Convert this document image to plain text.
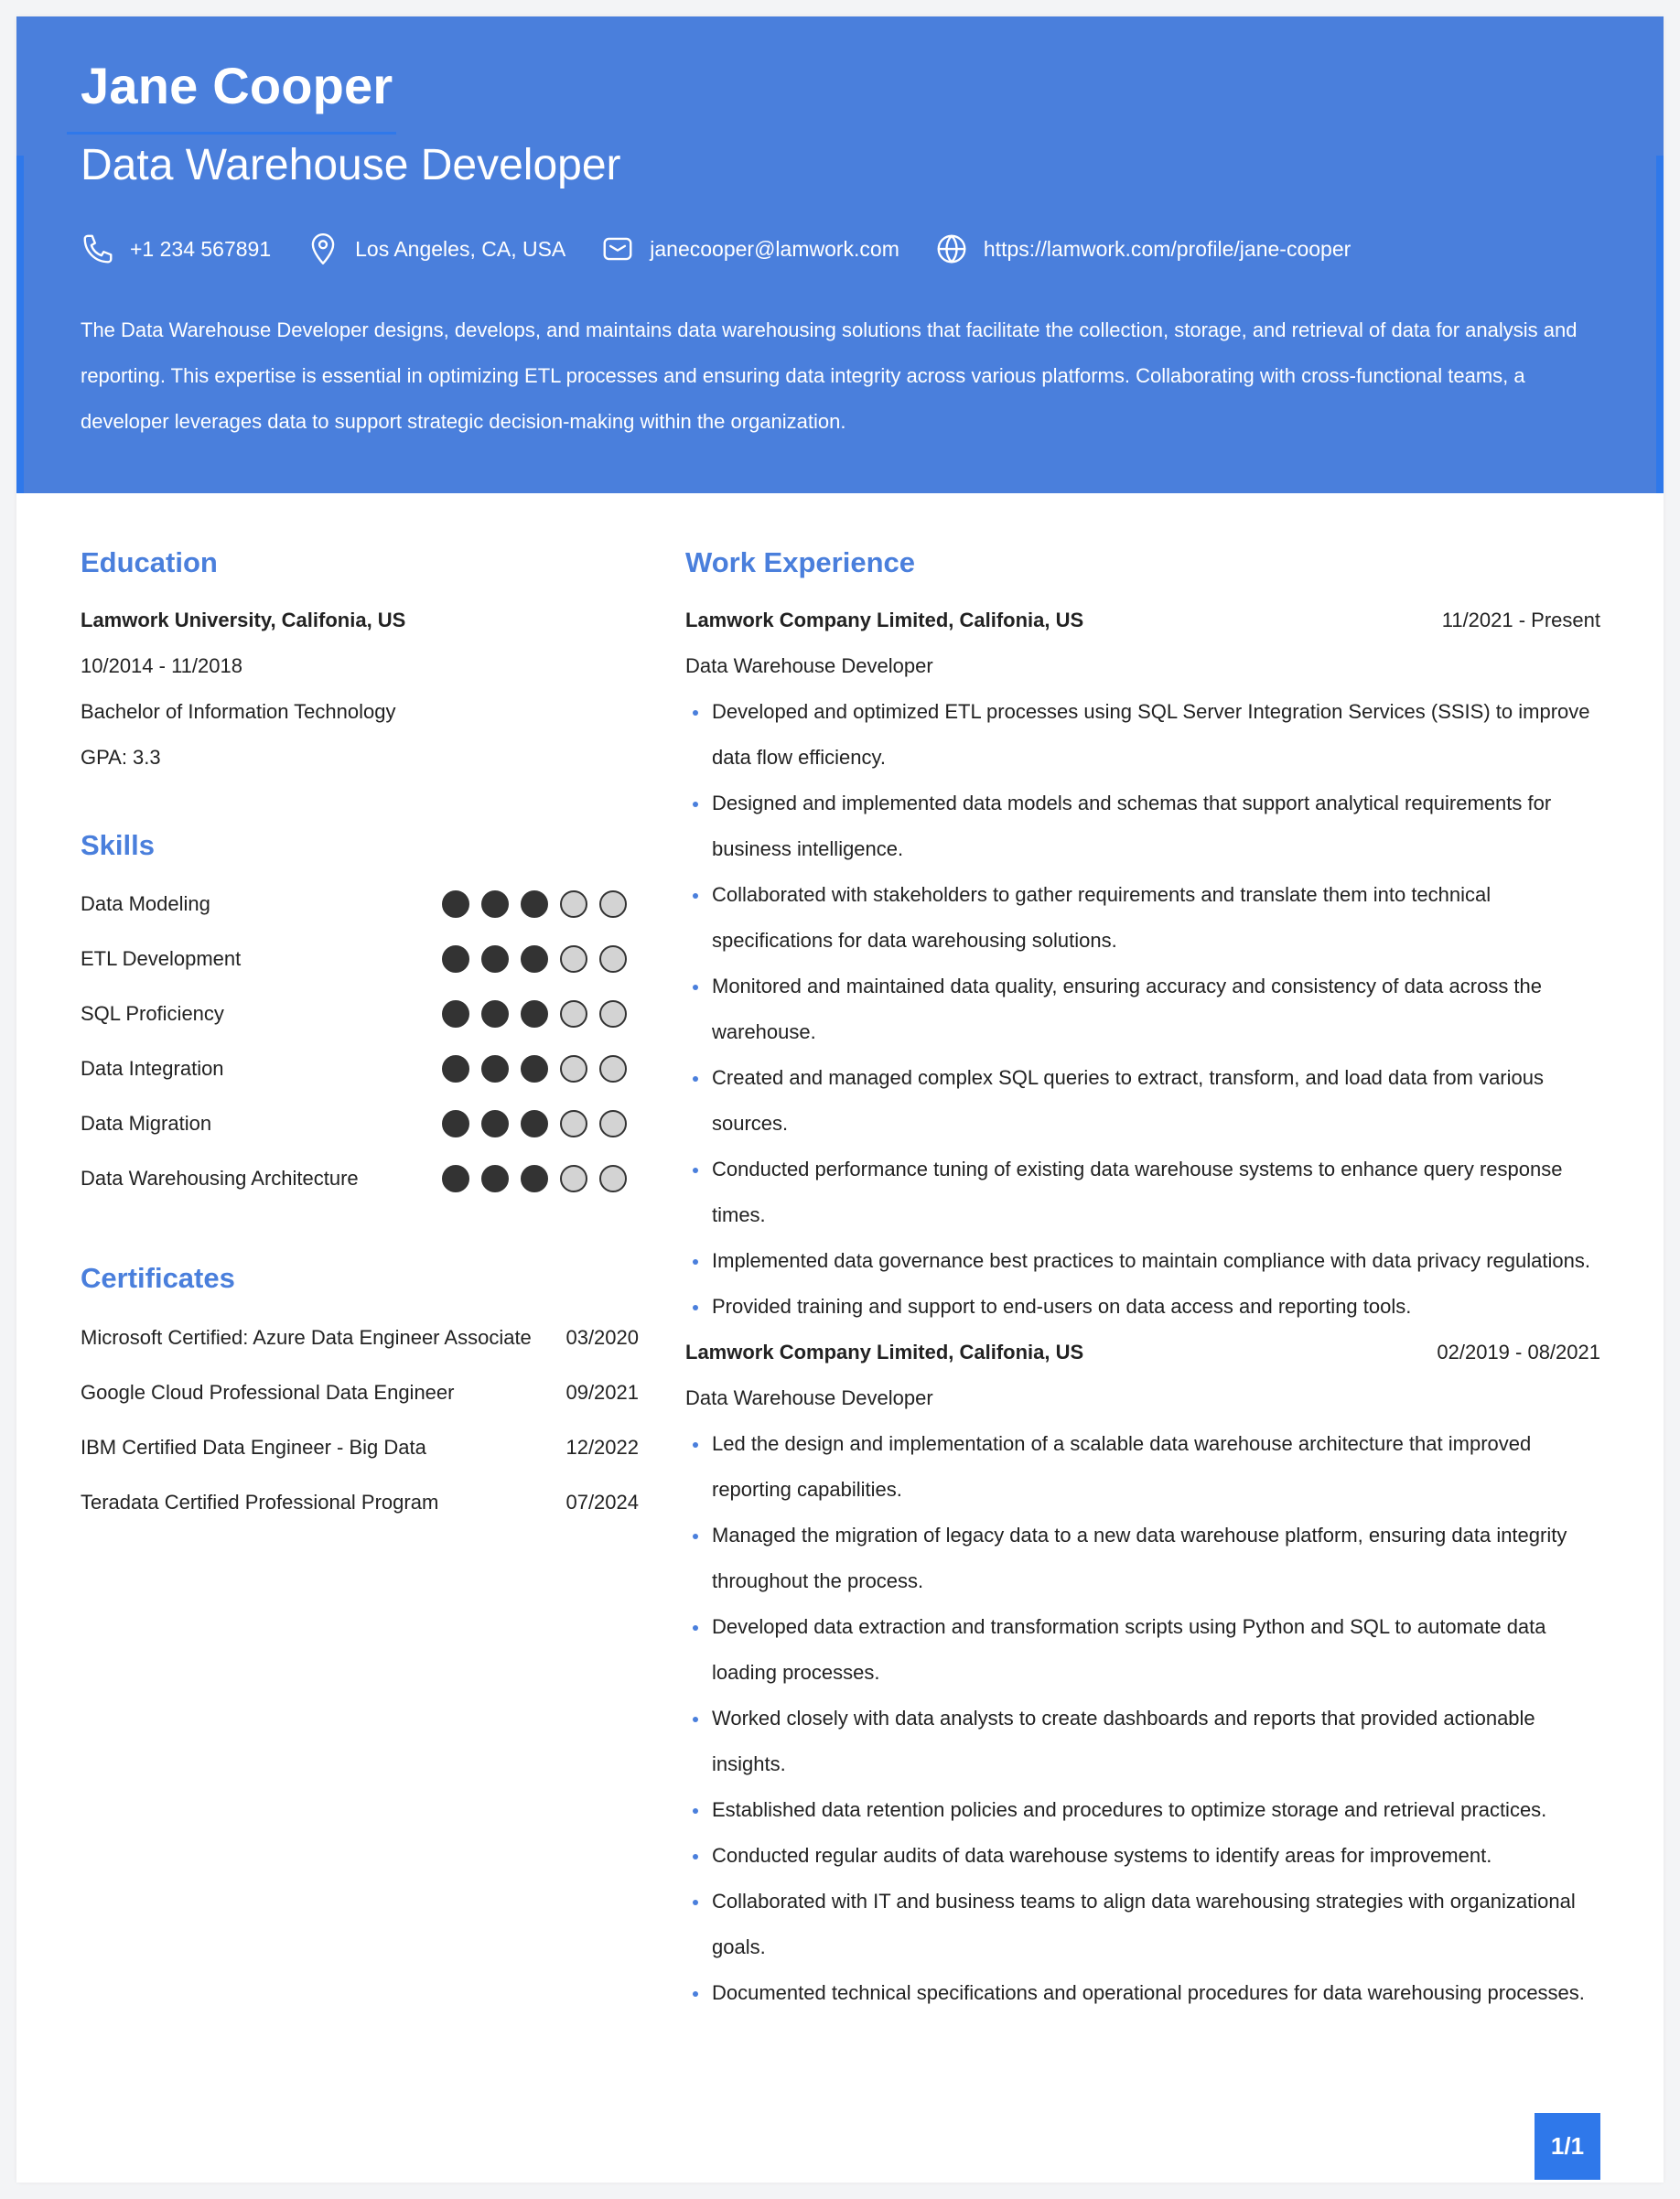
Jane Cooper
Data Warehouse Developer
+1 234 567891	Los Angeles, CA, USA	janecooper@lamwork.com	https://lamwork.com/profile/jane-cooper
The Data Warehouse Developer designs, develops, and maintains data warehousing solutions that facilitate the collection, storage, and retrieval of data for analysis and reporting. This expertise is essential in optimizing ETL processes and ensuring data integrity across various platforms. Collaborating with cross-functional teams, a developer leverages data to support strategic decision-making within the organization.
Education
Lamwork University, Califonia, US
10/2014 - 11/2018
Bachelor of Information Technology
GPA: 3.3
Skills
Data Modeling
ETL Development
SQL Proficiency
Data Integration
Data Migration
Data Warehousing Architecture
Certificates
Microsoft Certified: Azure Data Engineer Associate 03/2020
Google Cloud Professional Data Engineer	09/2021
IBM Certified Data Engineer - Big Data	12/2022
Teradata Certified Professional Program	07/2024
Work Experience
Lamwork Company Limited, Califonia, US	11/2021 - Present
Data Warehouse Developer
Developed and optimized ETL processes using SQL Server Integration Services (SSIS) to improve data flow efficiency.
Designed and implemented data models and schemas that support analytical requirements for business intelligence.
Collaborated with stakeholders to gather requirements and translate them into technical specifications for data warehousing solutions.
Monitored and maintained data quality, ensuring accuracy and consistency of data across the warehouse.
Created and managed complex SQL queries to extract, transform, and load data from various sources.
Conducted performance tuning of existing data warehouse systems to enhance query response times.
Implemented data governance best practices to maintain compliance with data privacy regulations.
Provided training and support to end-users on data access and reporting tools.
Lamwork Company Limited, Califonia, US	02/2019 - 08/2021
Data Warehouse Developer
Led the design and implementation of a scalable data warehouse architecture that improved reporting capabilities.
Managed the migration of legacy data to a new data warehouse platform, ensuring data integrity throughout the process.
Developed data extraction and transformation scripts using Python and SQL to automate data loading processes.
Worked closely with data analysts to create dashboards and reports that provided actionable insights.
Established data retention policies and procedures to optimize storage and retrieval practices.
Conducted regular audits of data warehouse systems to identify areas for improvement.
Collaborated with IT and business teams to align data warehousing strategies with organizational goals.
Documented technical specifications and operational procedures for data warehousing processes.
1/1
